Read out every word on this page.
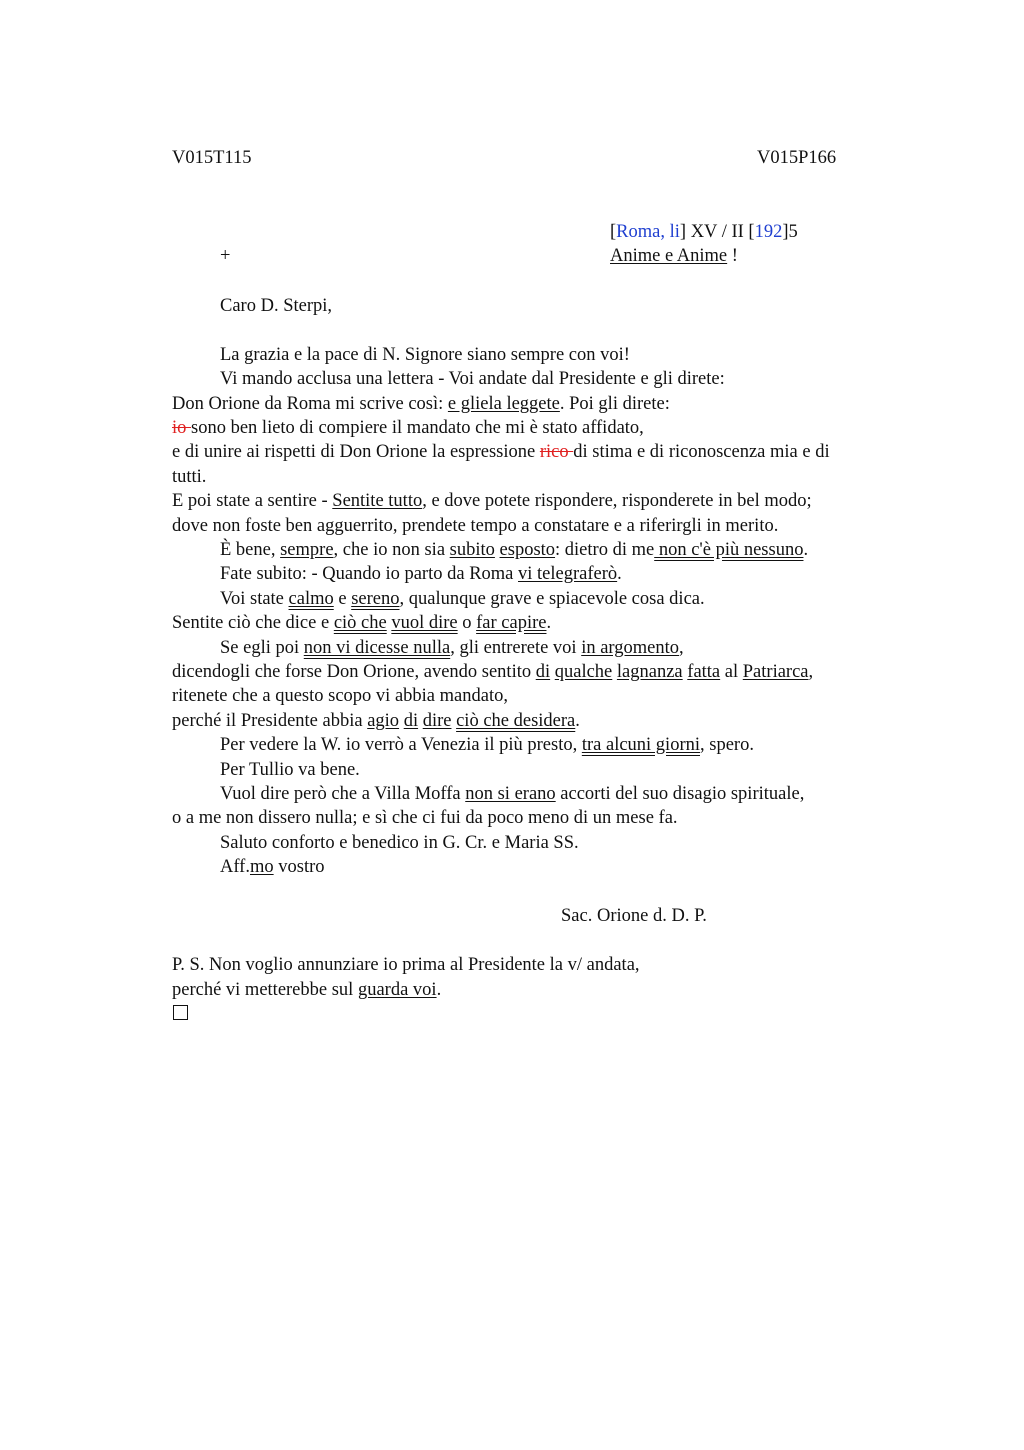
V015T115	V015P166
[Roma, li] XV / II [192]5
+	Anime e Anime !
Caro D. Sterpi,
La grazia e la pace di N. Signore siano sempre con voi!
Vi mando acclusa una lettera - Voi andate dal Presidente e gli direte:
Don Orione da Roma mi scrive così: e gliela leggete. Poi gli direte:
io sono ben lieto di compiere il mandato che mi è stato affidato,
e di unire ai rispetti di Don Orione la espressione rico di stima e di riconoscenza mia e di
tutti.
E poi state a sentire - Sentite tutto, e dove potete rispondere, risponderete in bel modo;
dove non foste ben agguerrito, prendete tempo a constatare e a riferirgli in merito.
È bene, sempre, che io non sia subito esposto: dietro di me non c'è più nessuno.
Fate subito: - Quando io parto da Roma vi telegraferò.
Voi state calmo e sereno, qualunque grave e spiacevole cosa dica.
Sentite ciò che dice e ciò che vuol dire o far capire.
Se egli poi non vi dicesse nulla, gli entrerete voi in argomento,
dicendogli che forse Don Orione, avendo sentito di qualche lagnanza fatta al Patriarca,
ritenete che a questo scopo vi abbia mandato,
perché il Presidente abbia agio di dire ciò che desidera.
Per vedere la W. io verrò a Venezia il più presto, tra alcuni giorni, spero.
Per Tullio va bene.
Vuol dire però che a Villa Moffa non si erano accorti del suo disagio spirituale,
o a me non dissero nulla; e sì che ci fui da poco meno di un mese fa.
Saluto conforto e benedico in G. Cr. e Maria SS.
Aff.mo vostro
Sac. Orione d. D. P.
P. S. Non voglio annunziare io prima al Presidente la v/ andata,
perché vi metterebbe sul guarda voi.
